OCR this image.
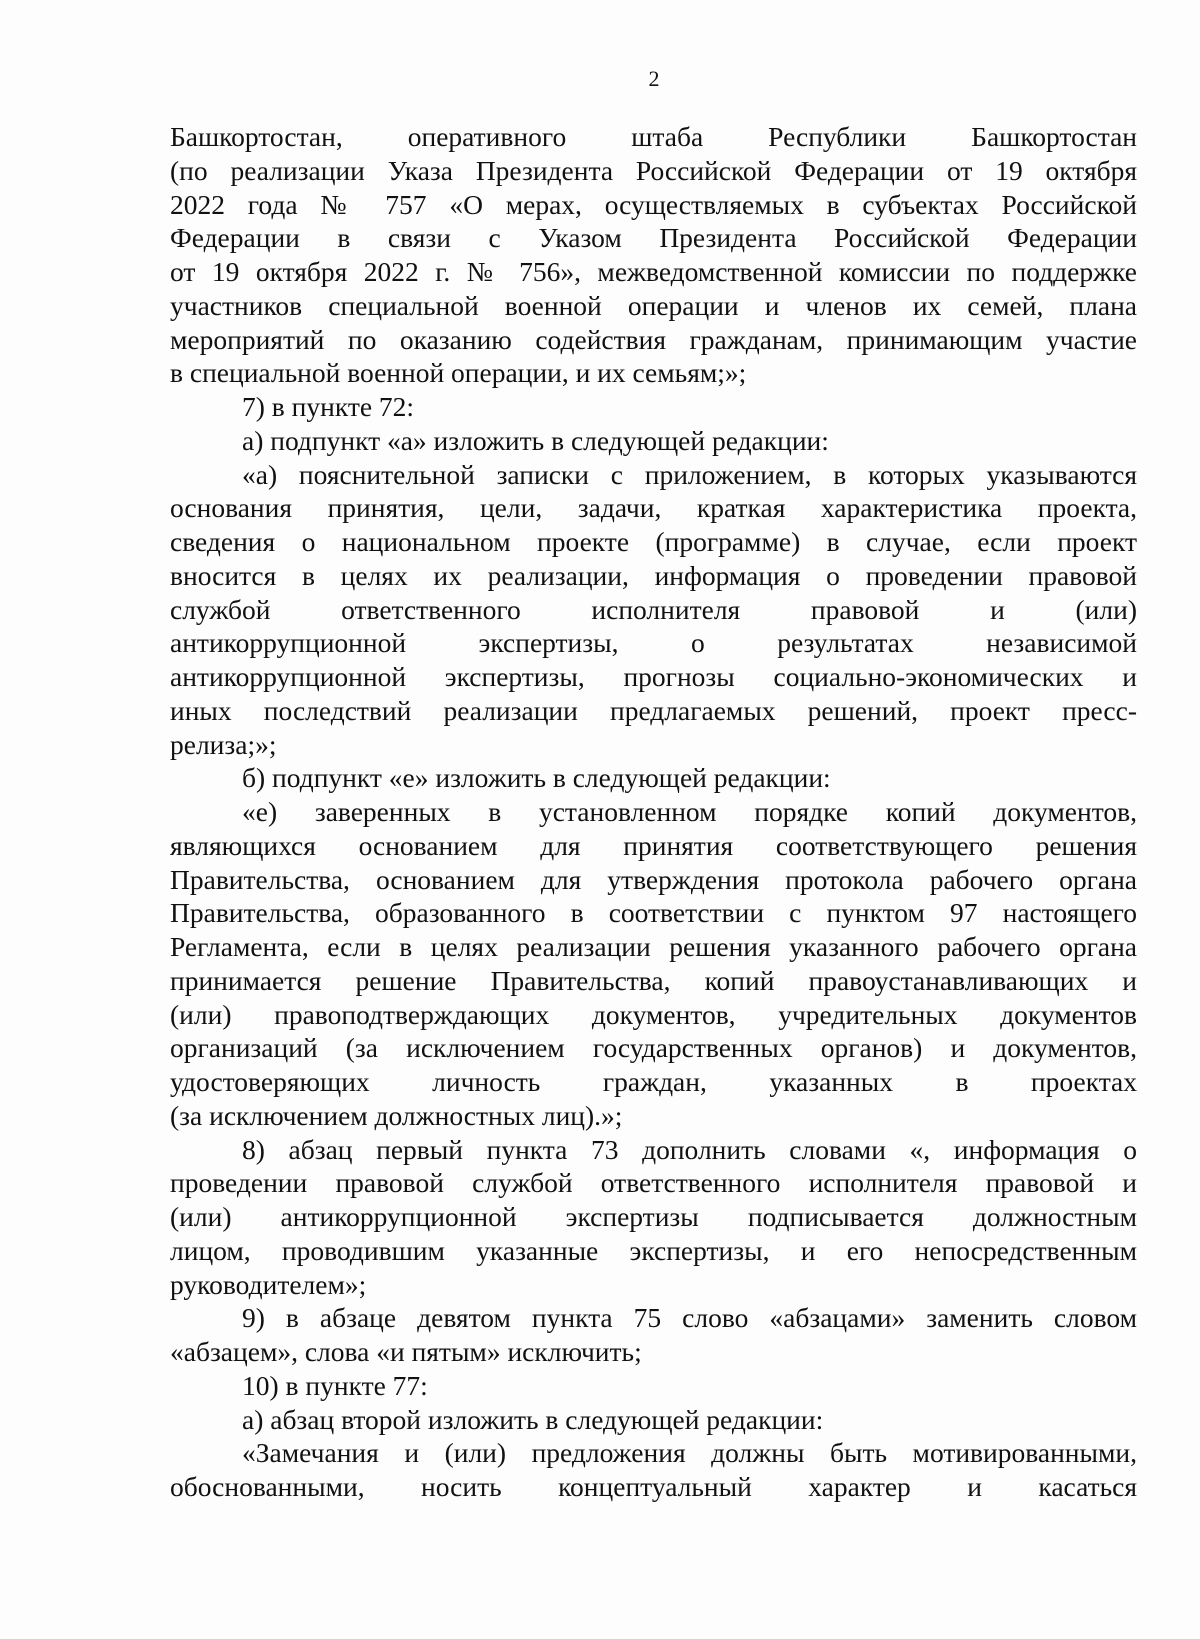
2
Башкортостан, оперативного штаба Республики Башкортостан
(по реализации Указа Президента Российской Федерации от 19 октября
2022 года № 757 «О мерах, осуществляемых в субъектах Российской
Федерации в связи с Указом Президента Российской Федерации
от 19 октября 2022 г. № 756», межведомственной комиссии по поддержке
участников специальной военной операции и членов их семей, плана
мероприятий по оказанию содействия гражданам, принимающим участие
в специальной военной операции, и их семьям;»;
7) в пункте 72:
а) подпункт «а» изложить в следующей редакции:
«а) пояснительной записки с приложением, в которых указываются
основания принятия, цели, задачи, краткая характеристика проекта,
сведения о национальном проекте (программе) в случае, если проект
вносится в целях их реализации, информация о проведении правовой
службой ответственного исполнителя правовой и (или)
антикоррупционной экспертизы, о результатах независимой
антикоррупционной экспертизы, прогнозы социально-экономических и
иных последствий реализации предлагаемых решений, проект пресс-
релиза;»;
б) подпункт «е» изложить в следующей редакции:
«е) заверенных в установленном порядке копий документов,
являющихся основанием для принятия соответствующего решения
Правительства, основанием для утверждения протокола рабочего органа
Правительства, образованного в соответствии с пунктом 97 настоящего
Регламента, если в целях реализации решения указанного рабочего органа
принимается решение Правительства, копий правоустанавливающих и
(или) правоподтверждающих документов, учредительных документов
организаций (за исключением государственных органов) и документов,
удостоверяющих личность граждан, указанных в проектах
(за исключением должностных лиц).»;
8) абзац первый пункта 73 дополнить словами «, информация о
проведении правовой службой ответственного исполнителя правовой и
(или) антикоррупционной экспертизы подписывается должностным
лицом, проводившим указанные экспертизы, и его непосредственным
руководителем»;
9) в абзаце девятом пункта 75 слово «абзацами» заменить словом
«абзацем», слова «и пятым» исключить;
10) в пункте 77:
а) абзац второй изложить в следующей редакции:
«Замечания и (или) предложения должны быть мотивированными,
обоснованными, носить концептуальный характер и касаться
